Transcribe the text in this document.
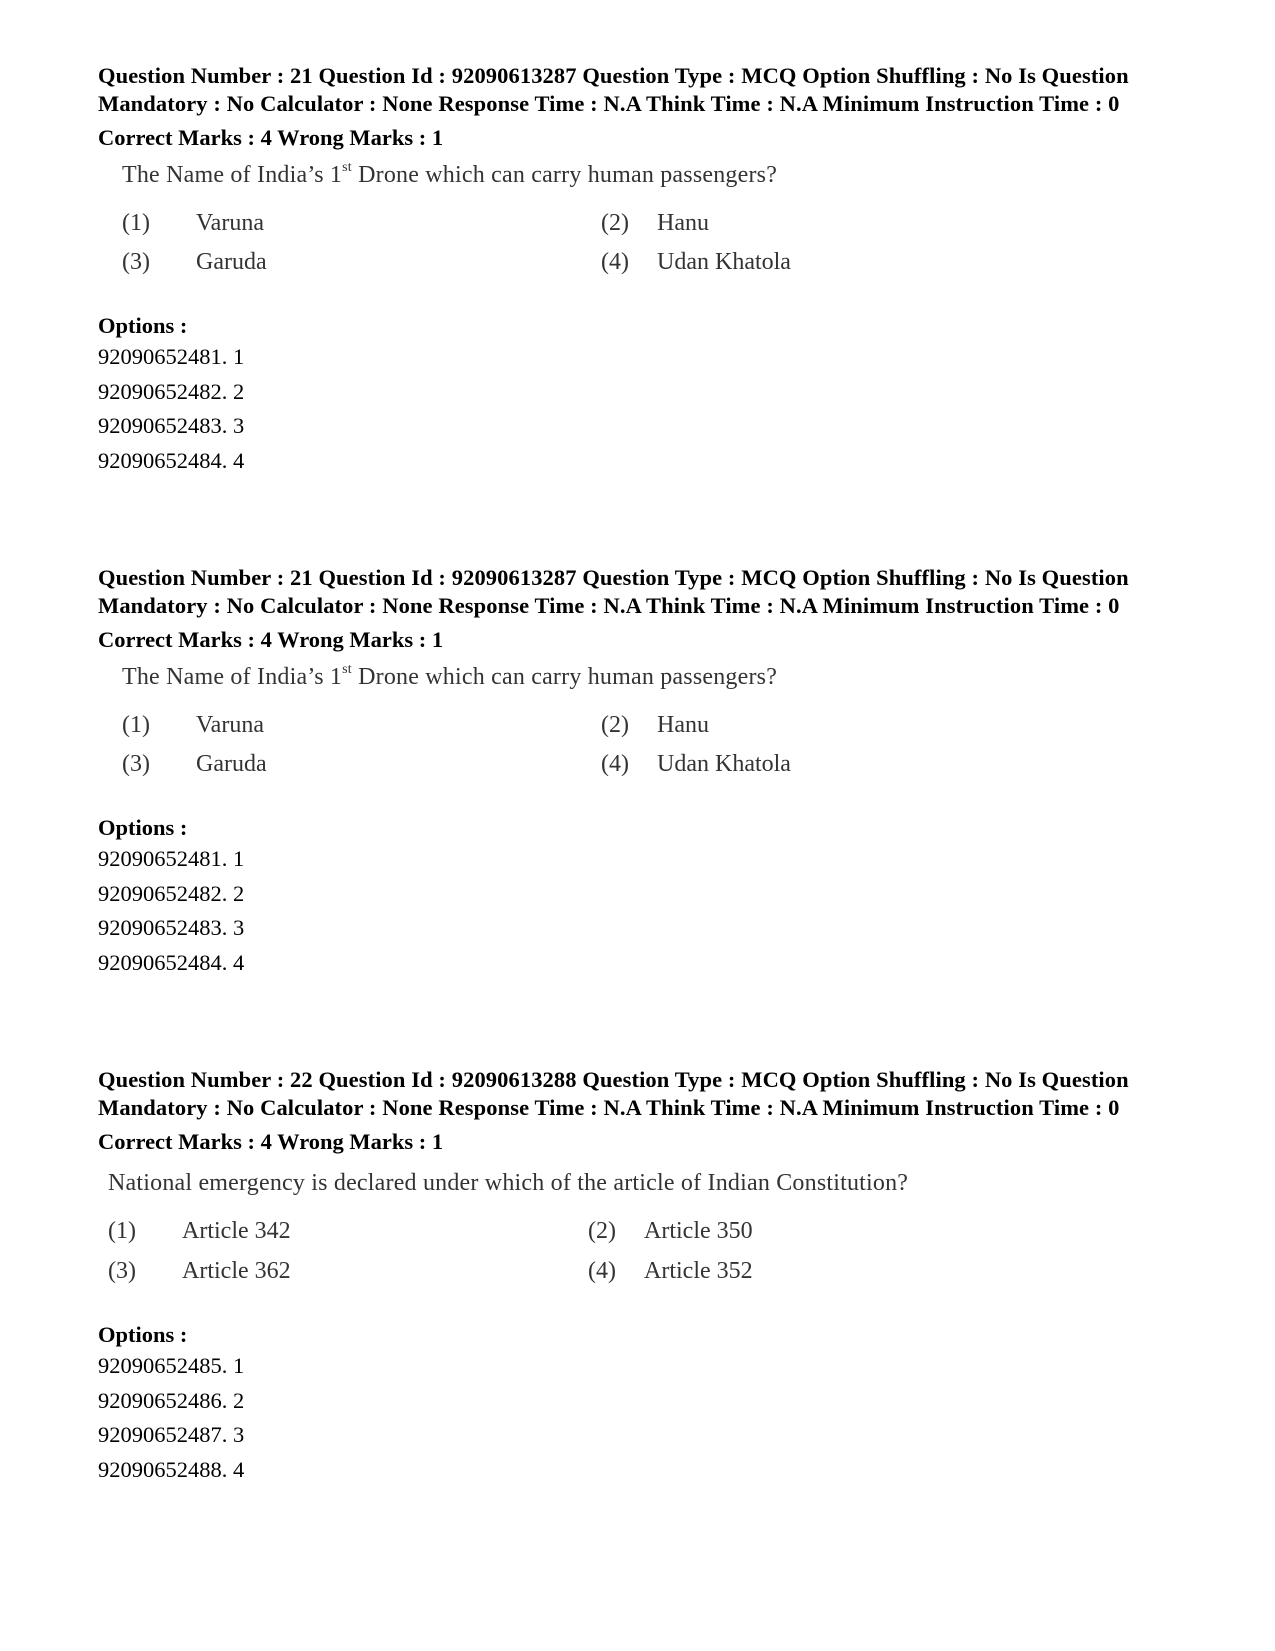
Question Number : 21 Question Id : 92090613287 Question Type : MCQ Option Shuffling : No Is Question Mandatory : No Calculator : None Response Time : N.A Think Time : N.A Minimum Instruction Time : 0

Correct Marks : 4 Wrong Marks : 1
The Name of India’s 1st Drone which can carry human passengers?
(1) Varuna	(2) Hanu
(3) Garuda	(4) Udan Khatola
Options :
92090652481. 1
92090652482. 2
92090652483. 3
92090652484. 4

Question Number : 21 Question Id : 92090613287 Question Type : MCQ Option Shuffling : No Is Question Mandatory : No Calculator : None Response Time : N.A Think Time : N.A Minimum Instruction Time : 0

Correct Marks : 4 Wrong Marks : 1
The Name of India’s 1st Drone which can carry human passengers?
(1) Varuna	(2) Hanu
(3) Garuda	(4) Udan Khatola
Options :
92090652481. 1
92090652482. 2
92090652483. 3
92090652484. 4

Question Number : 22 Question Id : 92090613288 Question Type : MCQ Option Shuffling : No Is Question Mandatory : No Calculator : None Response Time : N.A Think Time : N.A Minimum Instruction Time : 0

Correct Marks : 4 Wrong Marks : 1
National emergency is declared under which of the article of Indian Constitution?
(1) Article 342	(2) Article 350
(3) Article 362	(4) Article 352
Options :
92090652485. 1
92090652486. 2
92090652487. 3
92090652488. 4
